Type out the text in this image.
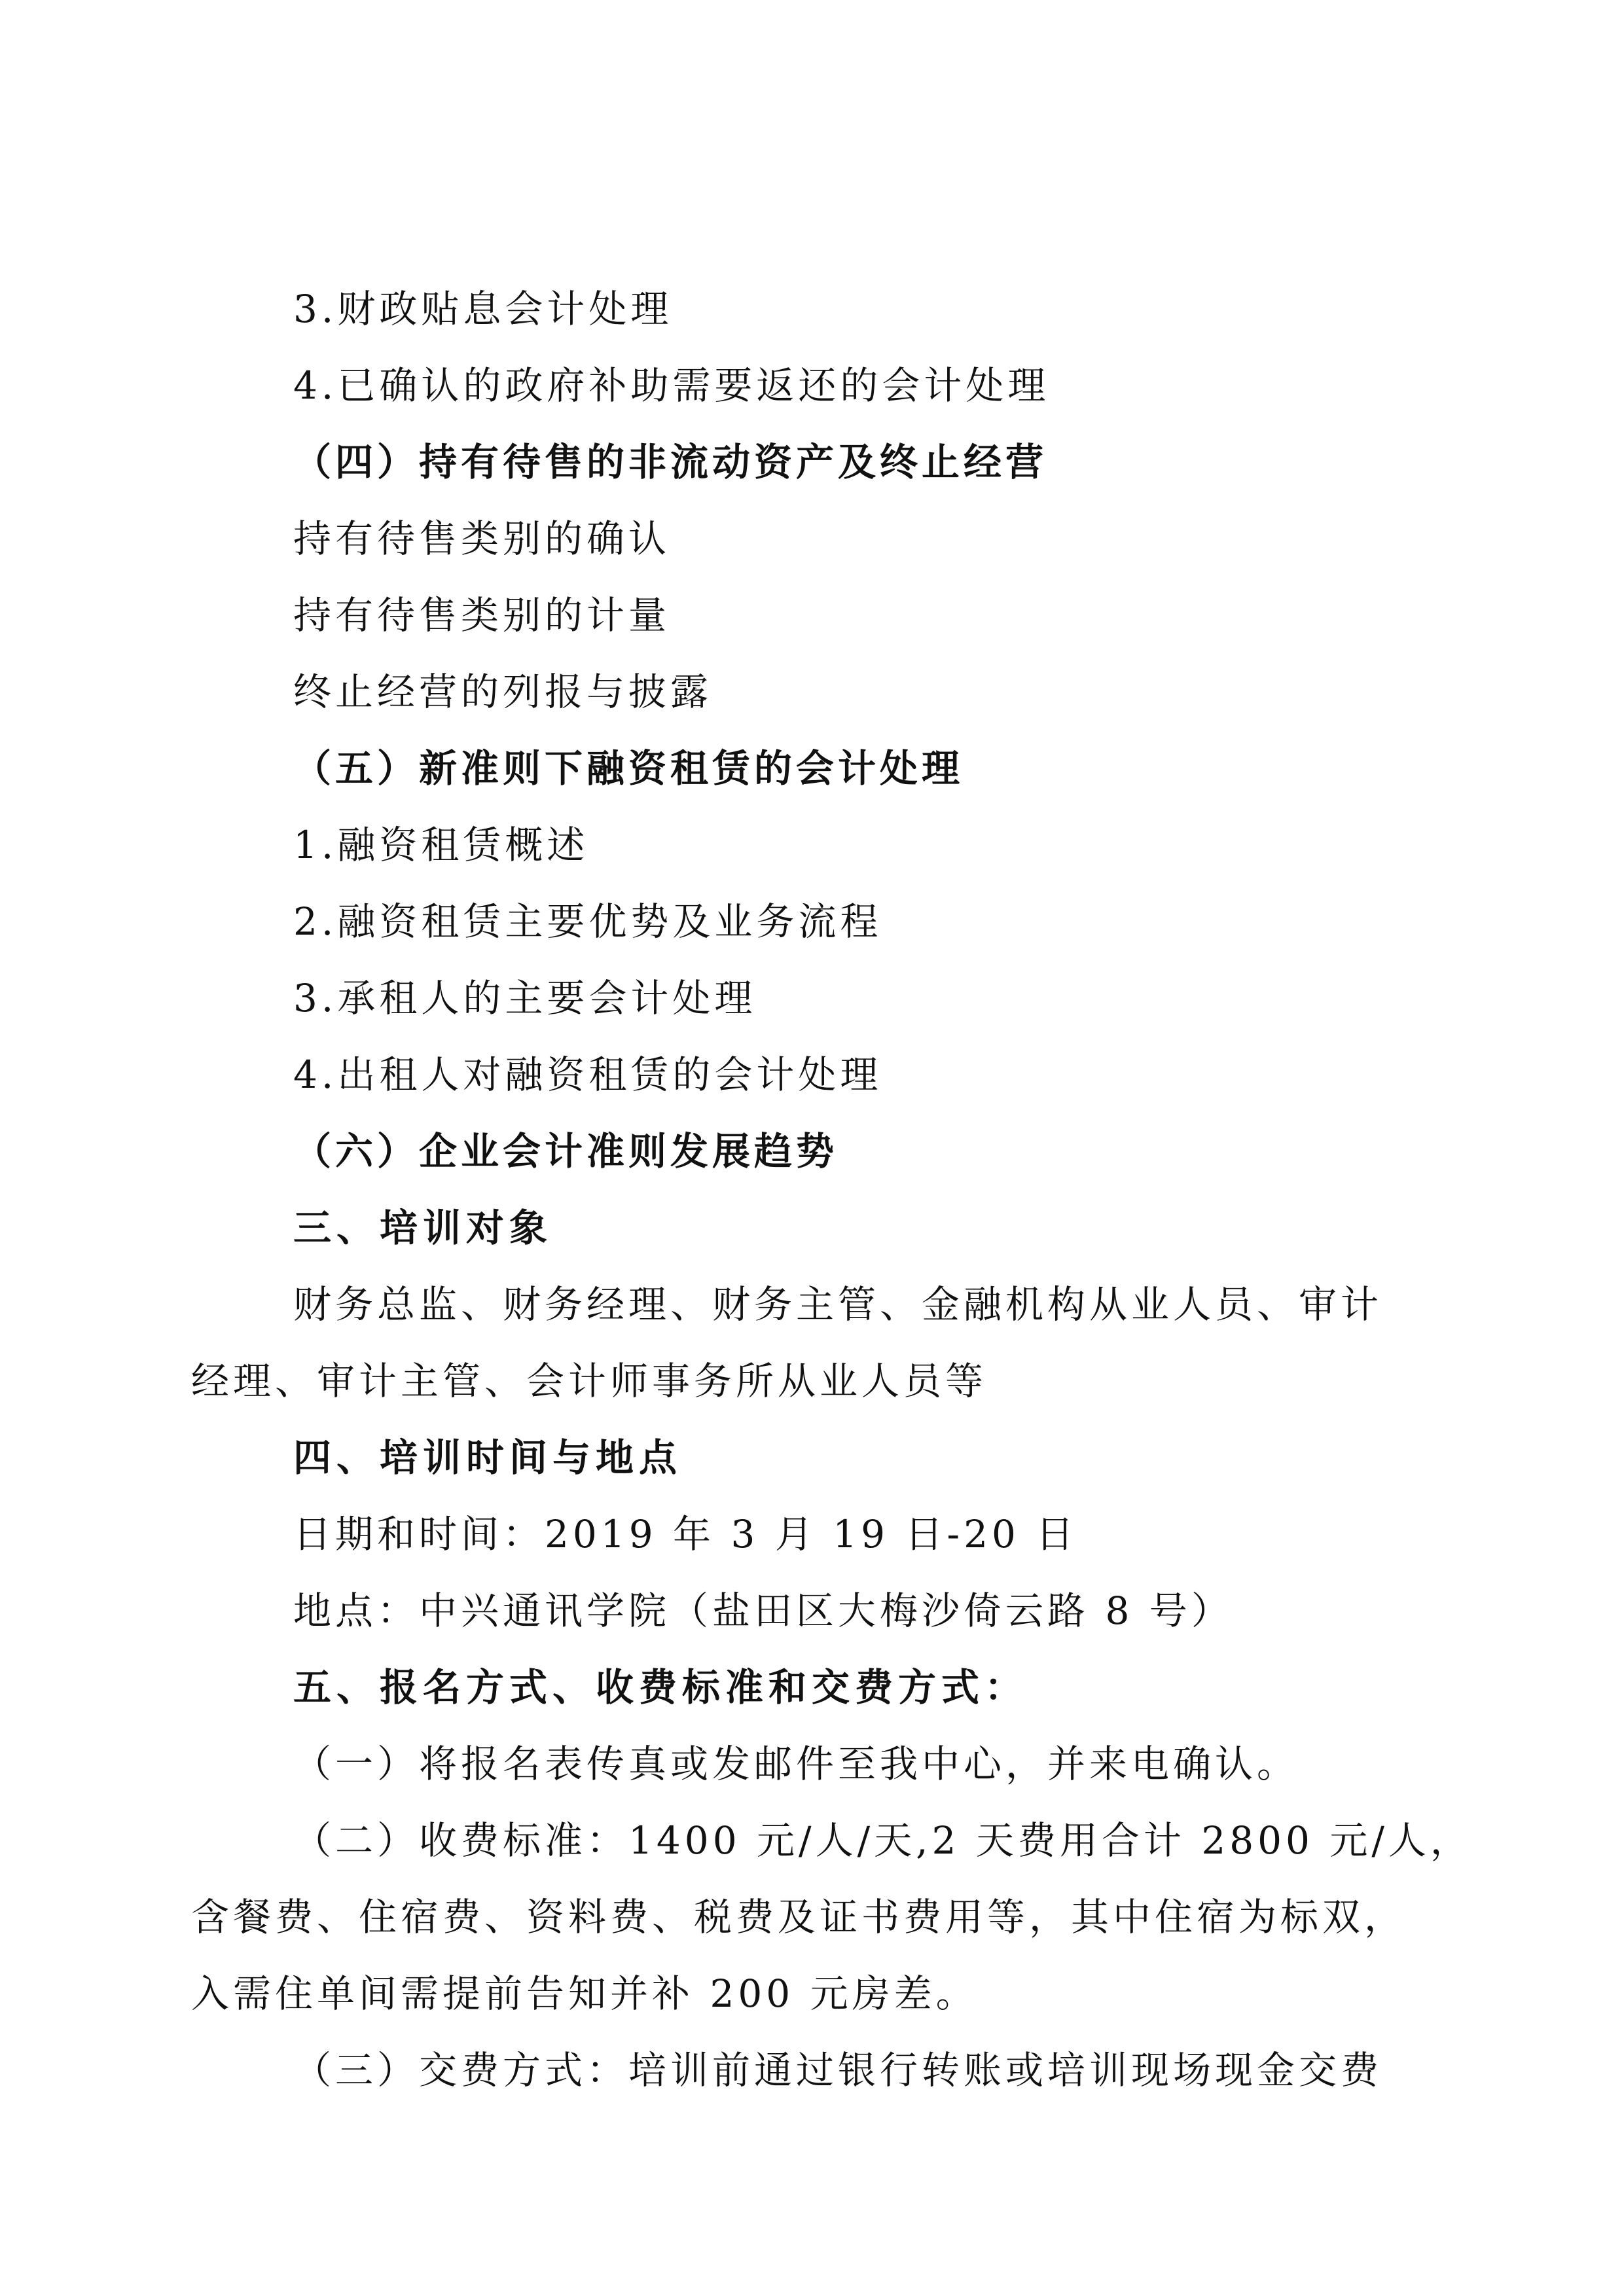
3.财政贴息会计处理
4.已确认的政府补助需要返还的会计处理
（四）持有待售的非流动资产及终止经营
持有待售类别的确认
持有待售类别的计量
终止经营的列报与披露
（五）新准则下融资租赁的会计处理
1.融资租赁概述
2.融资租赁主要优势及业务流程
3.承租人的主要会计处理
4.出租人对融资租赁的会计处理
（六）企业会计准则发展趋势
三、培训对象
财务总监、财务经理、财务主管、金融机构从业人员、审计
经理、审计主管、会计师事务所从业人员等
四、培训时间与地点
日期和时间：2019 年 3 月 19 日-20 日
地点：中兴通讯学院（盐田区大梅沙倚云路 8 号）
五、报名方式、收费标准和交费方式：
（一）将报名表传真或发邮件至我中心，并来电确认。
（二）收费标准：1400 元/人/天,2 天费用合计 2800 元/人，
含餐费、住宿费、资料费、税费及证书费用等，其中住宿为标双，
入需住单间需提前告知并补 200 元房差。
（三）交费方式：培训前通过银行转账或培训现场现金交费
